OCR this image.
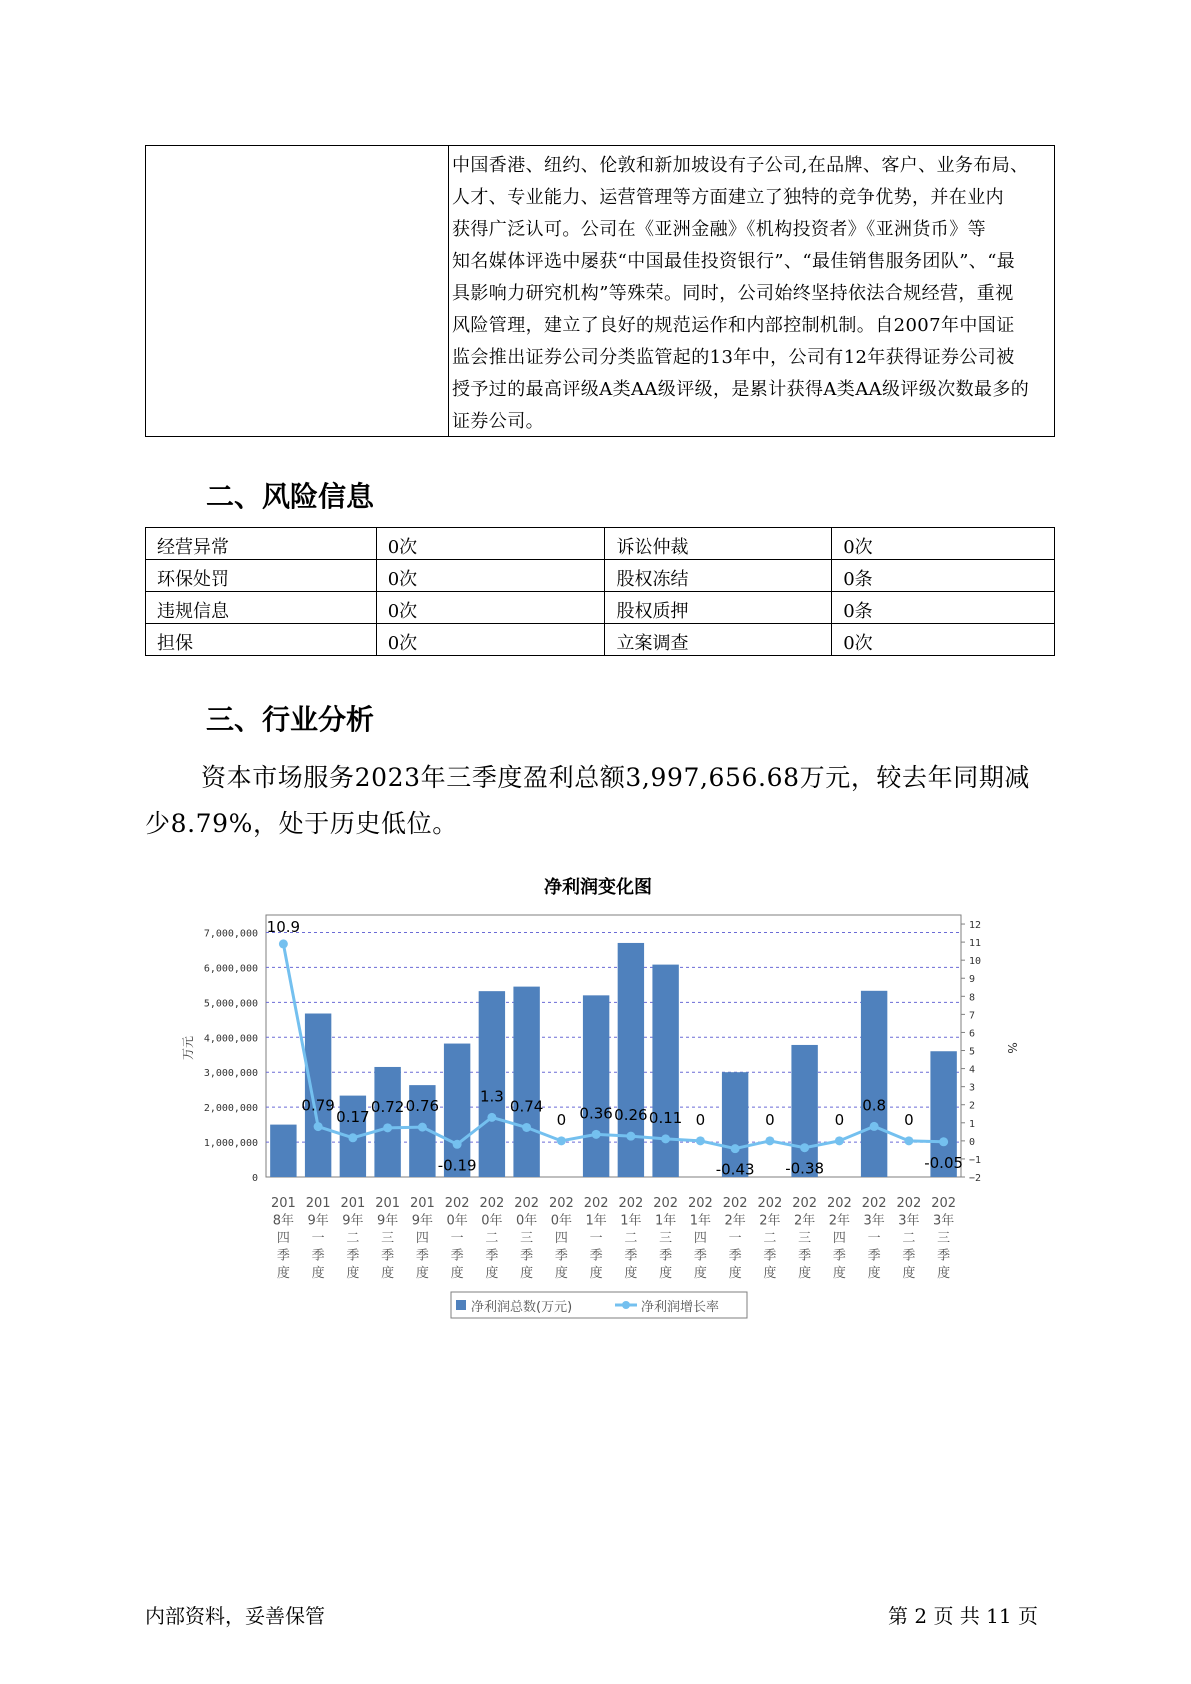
中国香港、纽约、伦敦和新加坡设有子公司,在品牌、客户、业务布局、
人才、专业能力、运营管理等方面建立了独特的竞争优势，并在业内
获得广泛认可。公司在《亚洲金融》《机构投资者》《亚洲货币》等
知名媒体评选中屡获“中国最佳投资银行”、“最佳销售服务团队”、“最
具影响力研究机构”等殊荣。同时，公司始终坚持依法合规经营，重视
风险管理，建立了良好的规范运作和内部控制机制。自2007年中国证
监会推出证券公司分类监管起的13年中，公司有12年获得证券公司被
授予过的最高评级A类AA级评级，是累计获得A类AA级评级次数最多的
证券公司。
二、风险信息
经营异常	0次	诉讼仲裁	0次
环保处罚	0次	股权冻结	0条
违规信息	0次	股权质押	0条
担保	0次	立案调查	0次
三、行业分析
资本市场服务2023年三季度盈利总额3,997,656.68万元，较去年同期减少8.79%，处于历史低位。
净利润变化图
10.9
0.79
0.17
0.72 0.76
-0.19
1.3
0.74
0 0.36 0.26 0.11 0
-0.43
0
-0.38
0
0.8
0
-0.05
0
1,000,000
2,000,000
3,000,000
4,000,000
5,000,000
6,000,000
7,000,000
−2
−1
0
1
2
3
4
5
6
7
8
9
10
11
12
201 8年四季度
201 9年一季度
201 9年二季度
201 9年三季度
201 9年四季度
202 0年一季度
202 0年二季度
202 0年三季度
202 0年四季度
202 1年一季度
202 1年二季度
202 1年三季度
202 1年四季度
202 2年一季度
202 2年二季度
202 2年三季度
202 2年四季度
202 3年一季度
202 3年二季度
202 3年三季度
万元	%
净利润总数(万元)	净利润增长率
内部资料，妥善保管	第 2 页 共 11 页
